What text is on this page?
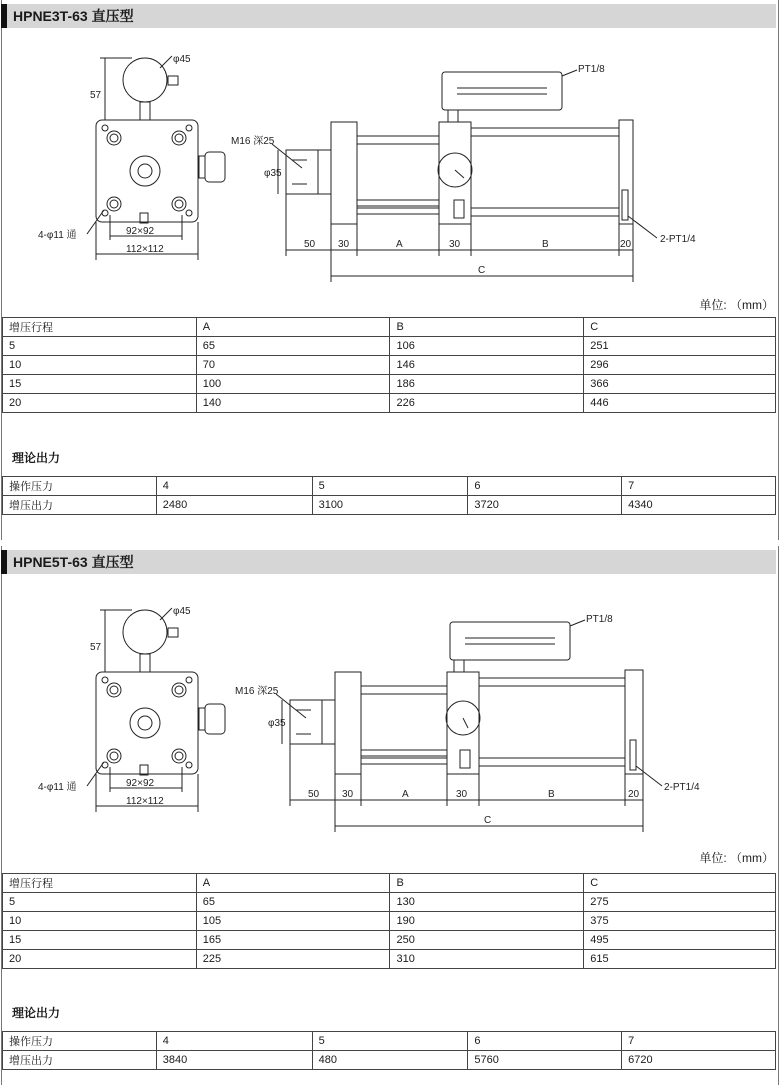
HPNE3T-63 直压型
φ45
57
4-φ11 通	92×92
112×112
M16 深25
φ35
PT1/8
2-PT1/4
50 30	A	30	B	20
C
单位: （mm）
增压行程	A	B	C
5	65	106	251
10	70	146	296
15	100	186	366
20	140	226	446
理论出力
操作压力	4	5	6	7
增压出力	2480	3100	3720	4340
HPNE5T-63 直压型
φ45
57
4-φ11 通	92×92
112×112
M16 深25
φ35
PT1/8
2-PT1/4
50 30	A	30	B	20
C
单位: （mm）
增压行程	A	B	C
5	65	130	275
10	105	190	375
15	165	250	495
20	225	310	615
理论出力
操作压力	4	5	6	7
增压出力	3840	480	5760	6720
